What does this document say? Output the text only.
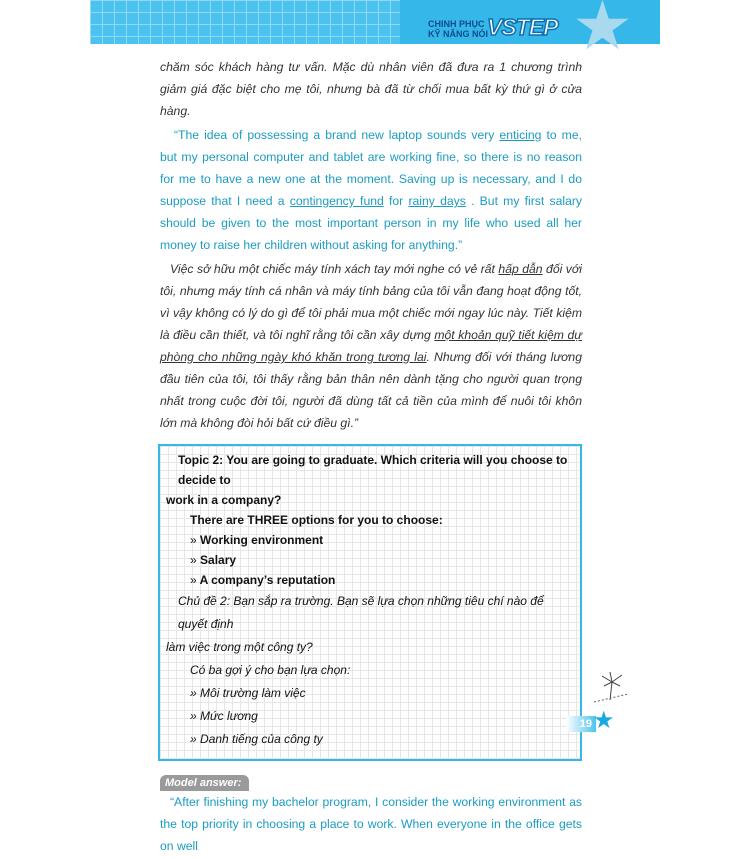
★
CHINH PHỤC
KỸ NĂNG NÓI
VSTEP
chăm sóc khách hàng tư vấn. Mặc dù nhân viên đã đưa ra 1 chương trình giảm giá đặc biệt cho mẹ tôi, nhưng bà đã từ chối mua bất kỳ thứ gì ở cửa hàng.
“The idea of possessing a brand new laptop sounds very enticing to me, but my personal computer and tablet are working fine, so there is no reason for me to have a new one at the moment. Saving up is necessary, and I do suppose that I need a contingency fund for rainy days . But my first salary should be given to the most important person in my life who used all her money to raise her children without asking for anything.”
Việc sở hữu một chiếc máy tính xách tay mới nghe có vẻ rất hấp dẫn đối với tôi, nhưng máy tính cá nhân và máy tính bảng của tôi vẫn đang hoạt động tốt, vì vậy không có lý do gì để tôi phải mua một chiếc mới ngay lúc này. Tiết kiệm là điều cần thiết, và tôi nghĩ rằng tôi cần xây dựng một khoản quỹ tiết kiệm dự phòng cho những ngày khó khăn trong tương lai. Nhưng đối với tháng lương đầu tiên của tôi, tôi thấy rằng bản thân nên dành tặng cho người quan trọng nhất trong cuộc đời tôi, người đã dùng tất cả tiền của mình để nuôi tôi khôn lớn mà không đòi hỏi bất cứ điều gì.”
Topic 2: You are going to graduate. Which criteria will you choose to decide to
work in a company?
There are THREE options for you to choose:
» Working environment
» Salary
» A company’s reputation
Chủ đề 2: Bạn sắp ra trường. Bạn sẽ lựa chọn những tiêu chí nào để quyết định
làm việc trong một công ty?
Có ba gợi ý cho bạn lựa chọn:
» Môi trường làm việc
» Mức lương
» Danh tiếng của công ty
Model answer:
“After finishing my bachelor program, I consider the working environment as the top priority in choosing a place to work. When everyone in the office gets on well
19 ★
